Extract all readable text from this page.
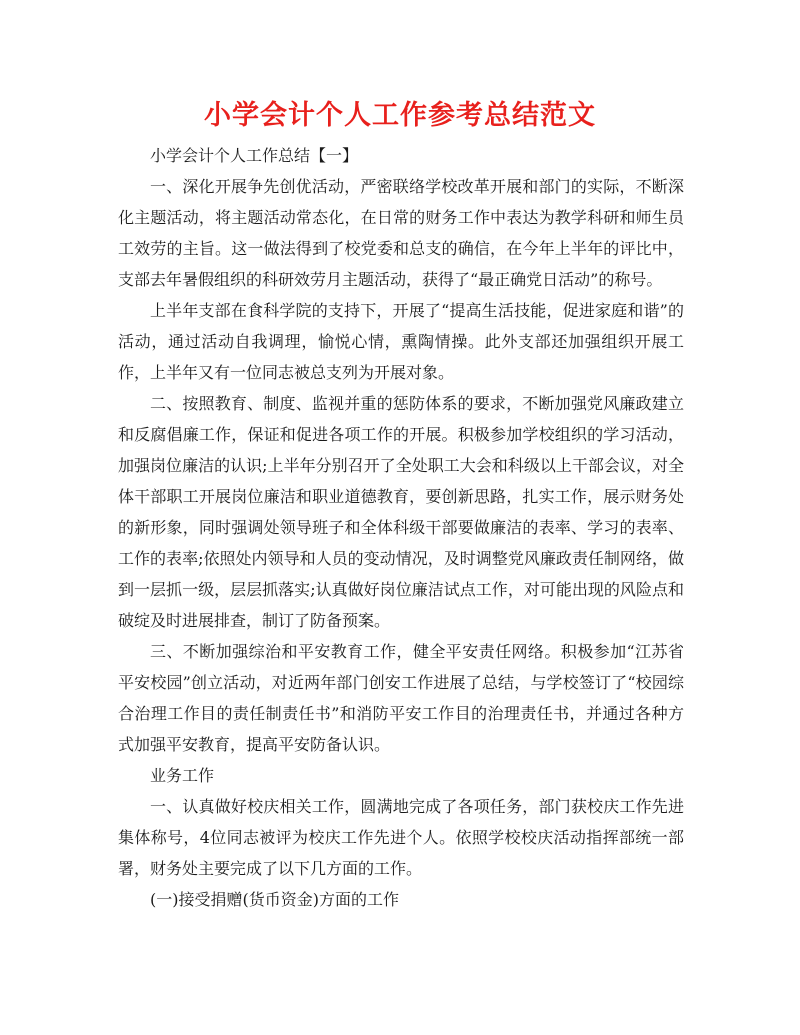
小学会计个人工作参考总结范文

小学会计个人工作总结【一】

一、深化开展争先创优活动，严密联络学校改革开展和部门的实际，不断深化主题活动，将主题活动常态化，在日常的财务工作中表达为教学科研和师生员工效劳的主旨。这一做法得到了校党委和总支的确信，在今年上半年的评比中，支部去年暑假组织的科研效劳月主题活动，获得了“最正确党日活动”的称号。

上半年支部在食科学院的支持下，开展了“提高生活技能，促进家庭和谐”的活动，通过活动自我调理，愉悦心情，熏陶情操。此外支部还加强组织开展工作，上半年又有一位同志被总支列为开展对象。

二、按照教育、制度、监视并重的惩防体系的要求，不断加强党风廉政建立和反腐倡廉工作，保证和促进各项工作的开展。积极参加学校组织的学习活动，加强岗位廉洁的认识;上半年分别召开了全处职工大会和科级以上干部会议，对全体干部职工开展岗位廉洁和职业道德教育，要创新思路，扎实工作，展示财务处的新形象，同时强调处领导班子和全体科级干部要做廉洁的表率、学习的表率、工作的表率;依照处内领导和人员的变动情况，及时调整党风廉政责任制网络，做到一层抓一级，层层抓落实;认真做好岗位廉洁试点工作，对可能出现的风险点和破绽及时进展排查，制订了防备预案。

三、不断加强综治和平安教育工作，健全平安责任网络。积极参加“江苏省平安校园”创立活动，对近两年部门创安工作进展了总结，与学校签订了“校园综合治理工作目的责任制责任书”和消防平安工作目的治理责任书，并通过各种方式加强平安教育，提高平安防备认识。

业务工作

一、认真做好校庆相关工作，圆满地完成了各项任务，部门获校庆工作先进集体称号，4位同志被评为校庆工作先进个人。依照学校校庆活动指挥部统一部署，财务处主要完成了以下几方面的工作。

(一)接受捐赠(货币资金)方面的工作
